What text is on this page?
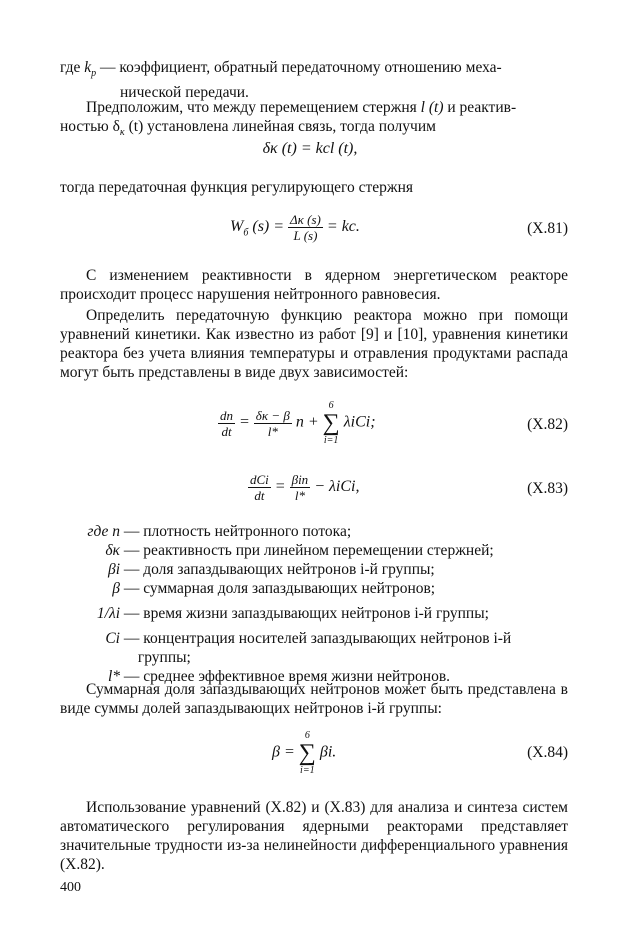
где $k_p$ — коэффициент, обратный передаточному отношению меха-
нической передачи.
Предположим, что между перемещением стержня l (t) и реактив-
ностью $\delta_\kappa$ (t) установлена линейная связь, тогда получим
δκ (t) = kcl (t),
тогда передаточная функция регулирующего стержня
$W_б$ $(s) = \frac{\Delta\kappa (s)}{L (s)}$ = kc.	(X.81)
С изменением реактивности в ядерном энергетическом реакторе происходит процесс нарушения нейтронного равновесия.
Определить передаточную функцию реактора можно при помощи уравнений кинетики. Как известно из работ [9] и [10], уравнения кинетики реактора без учета влияния температуры и отравления продуктами распада могут быть представлены в виде двух зависимостей:
$\frac{dn}{dt} = \frac{\delta\kappa - \beta}{l*}$ n +
6
∑
i=1
λiCi;	(X.82)
$\frac{\text{dCi}}{dt} = \frac{\text{βin}}{l*} - \lambda iCi$,	(X.83)
где n — плотность нейтронного потока;
δκ — реактивность при линейном перемещении стержней;
βi — доля запаздывающих нейтронов i-й группы;
β — суммарная доля запаздывающих нейтронов;
1/λi — время жизни запаздывающих нейтронов i-й группы;
Ci — концентрация носителей запаздывающих нейтронов i-й
группы;
l* — среднее эффективное время жизни нейтронов.
Суммарная доля запаздывающих нейтронов может быть представлена в виде суммы долей запаздывающих нейтронов i-й группы:
β =
6
∑
i=1
βi.	(X.84)
Использование уравнений (X.82) и (X.83) для анализа и синтеза систем автоматического регулирования ядерными реакторами представляет значительные трудности из-за нелинейности дифференциального уравнения (X.82).
400
